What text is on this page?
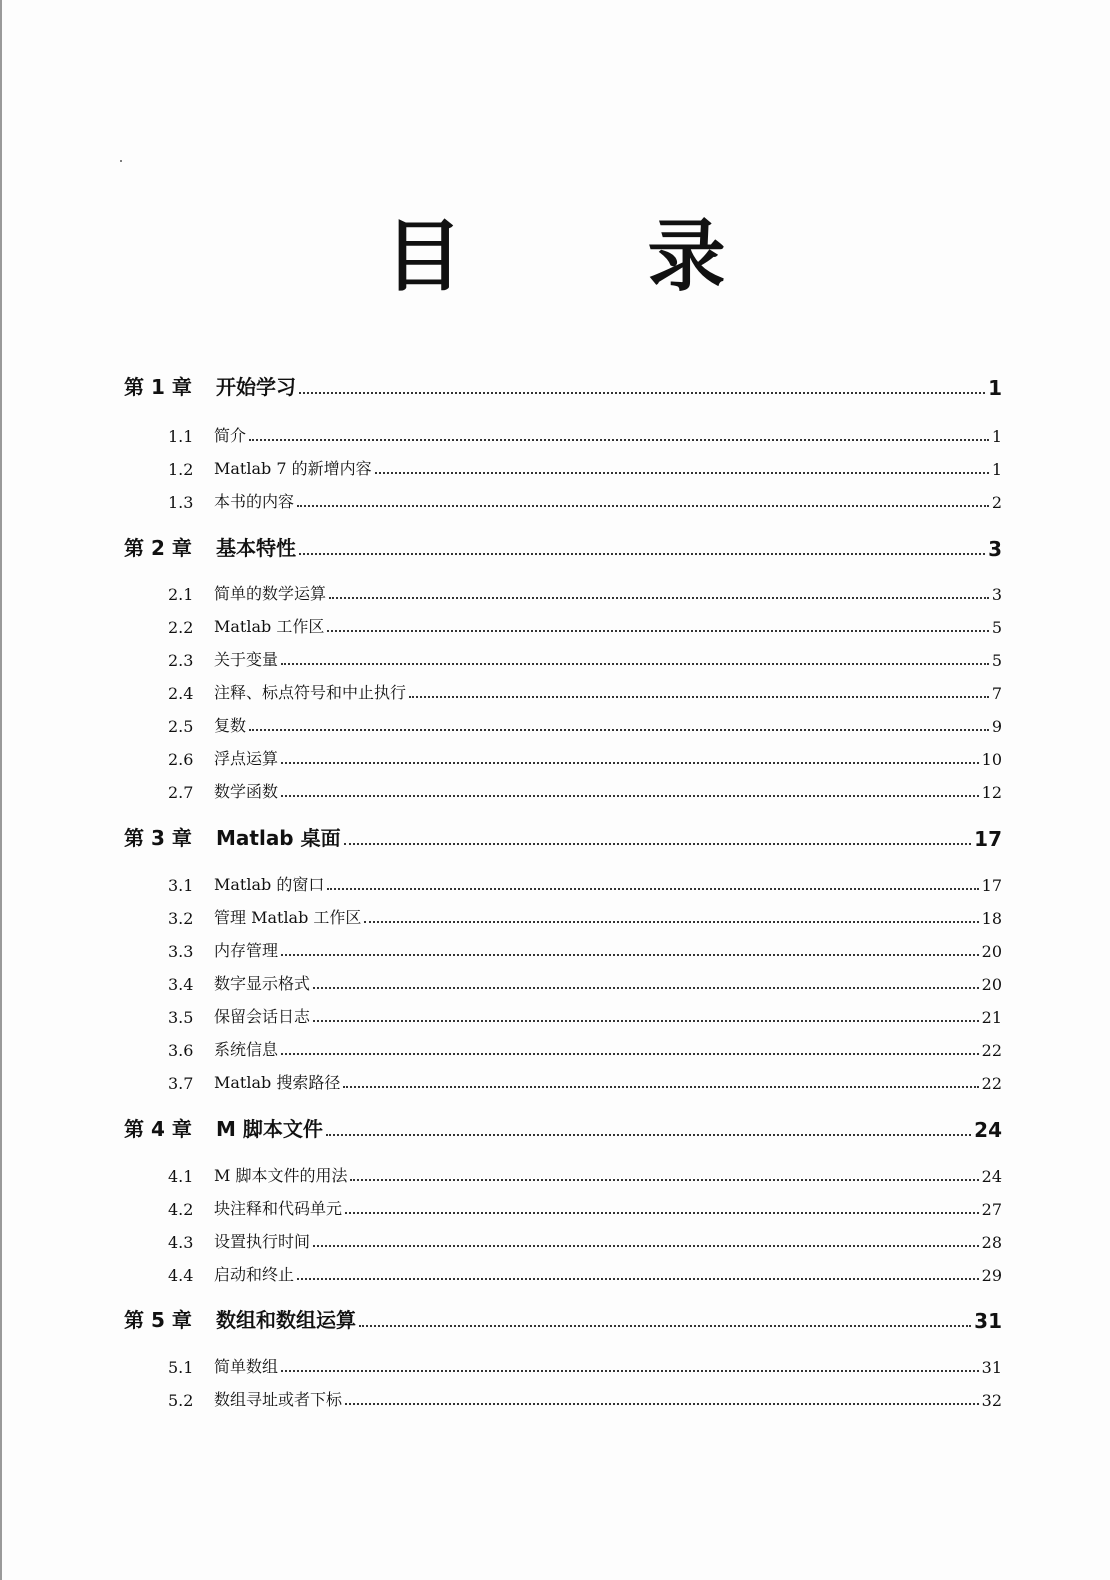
目 录
第 1 章	开始学习	1
1.1	简介	1
1.2	Matlab 7 的新增内容	1
1.3	本书的内容	2
第 2 章	基本特性	3
2.1	简单的数学运算	3
2.2	Matlab 工作区	5
2.3	关于变量	5
2.4	注释、标点符号和中止执行	7
2.5	复数	9
2.6	浮点运算	10
2.7	数学函数	12
第 3 章	Matlab 桌面	17
3.1	Matlab 的窗口	17
3.2	管理 Matlab 工作区	18
3.3	内存管理	20
3.4	数字显示格式	20
3.5	保留会话日志	21
3.6	系统信息	22
3.7	Matlab 搜索路径	22
第 4 章	M 脚本文件	24
4.1	M 脚本文件的用法	24
4.2	块注释和代码单元	27
4.3	设置执行时间	28
4.4	启动和终止	29
第 5 章	数组和数组运算	31
5.1	简单数组	31
5.2	数组寻址或者下标	32
